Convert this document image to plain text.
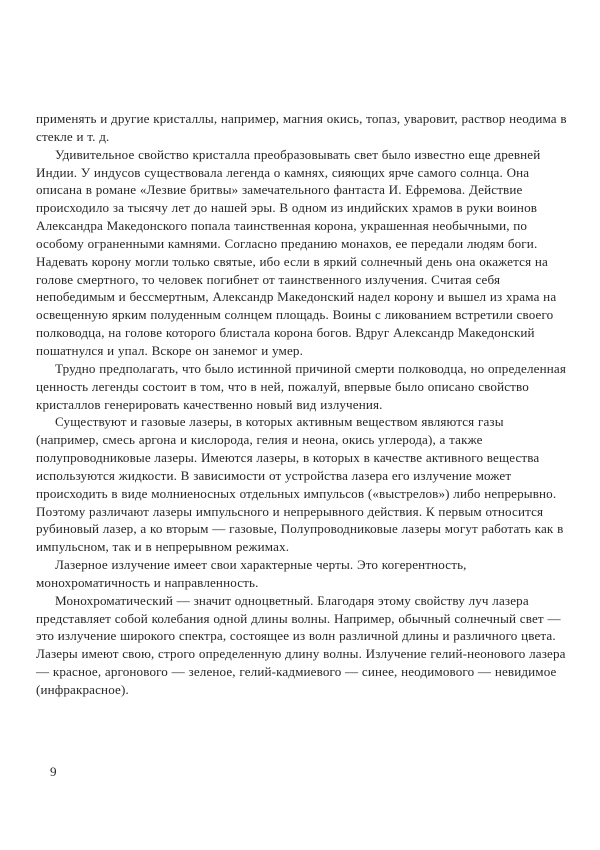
применять и другие кристаллы, например, магния окись, топаз, уваровит, раствор неодима в стекле и т. д.

Удивительное свойство кристалла преобразовывать свет было известно еще древней Индии. У индусов существовала легенда о камнях, сияющих ярче самого солнца. Она описана в романе «Лезвие бритвы» замечательного фантаста И. Ефремова. Действие происходило за тысячу лет до нашей эры. В одном из индийских храмов в руки воинов Александра Македонского попала таинственная корона, украшенная необычными, по особому ограненными камнями. Согласно преданию монахов, ее передали людям боги. Надевать корону могли только святые, ибо если в яркий солнечный день она окажется на голове смертного, то человек погибнет от таинственного излучения. Считая себя непобедимым и бессмертным, Александр Македонский надел корону и вышел из храма на освещенную ярким полуденным солнцем площадь. Воины с ликованием встретили своего полководца, на голове которого блистала корона богов. Вдруг Александр Македонский пошатнулся и упал. Вскоре он занемог и умер.

Трудно предполагать, что было истинной причиной смерти полководца, но определенная ценность легенды состоит в том, что в ней, пожалуй, впервые было описано свойство кристаллов генерировать качественно новый вид излучения.

Существуют и газовые лазеры, в которых активным веществом являются газы (например, смесь аргона и кислорода, гелия и неона, окись углерода), а также полупроводниковые лазеры. Имеются лазеры, в которых в качестве активного вещества используются жидкости. В зависимости от устройства лазера его излучение может происходить в виде молниеносных отдельных импульсов («выстрелов») либо непрерывно. Поэтому различают лазеры импульсного и непрерывного действия. К первым относится рубиновый лазер, а ко вторым — газовые, Полупроводниковые лазеры могут работать как в импульсном, так и в непрерывном режимах.

Лазерное излучение имеет свои характерные черты. Это когерентность, монохроматичность и направленность.

Монохроматический — значит одноцветный. Благодаря этому свойству луч лазера представляет собой колебания одной длины волны. Например, обычный солнечный свет — это излучение широкого спектра, состоящее из волн различной длины и различного цвета. Лазеры имеют свою, строго определенную длину волны. Излучение гелий-неонового лазера — красное, аргонового — зеленое, гелий-кадмиевого — синее, неодимового — невидимое (инфракрасное).

9
